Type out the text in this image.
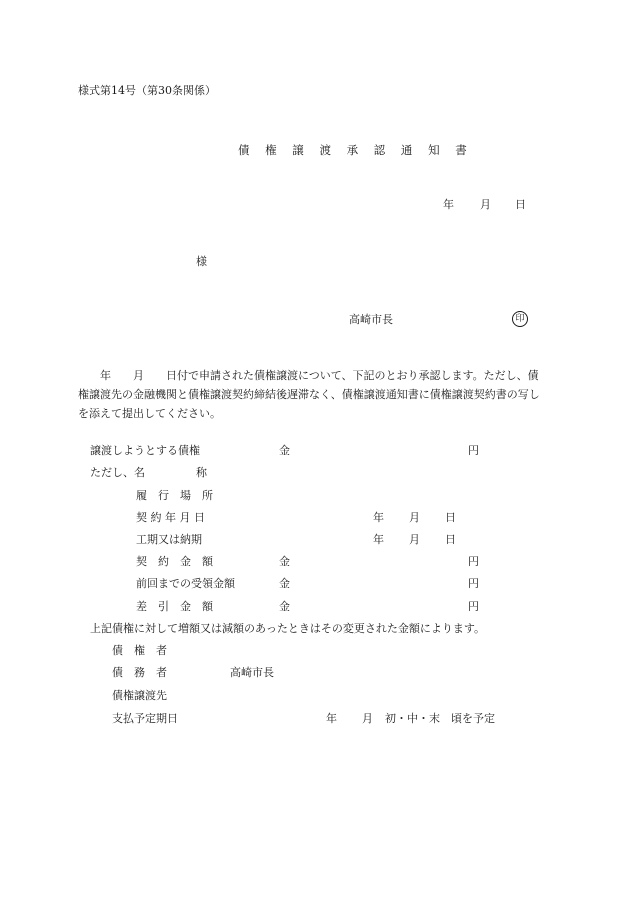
様式第14号（第30条関係）
債 権 譲 渡 承 認 通 知 書
年 月 日
様
高崎市長	印
　　年　　月　　日付で申請された債権譲渡について、下記のとおり承認します。ただし、債権譲渡先の金融機関と債権譲渡契約締結後遅滞なく、債権譲渡通知書に債権譲渡契約書の写しを添えて提出してください。
譲渡しようとする債権	金	円
ただし、名	称
履　行　場　所
契 約 年 月 日	年 月 日
工期又は納期	年 月 日
契　約　金　額	金	円
前回までの受領金額	金	円
差　引　金　額	金	円
上記債権に対して増額又は減額のあったときはその変更された金額によります。
債　権　者
債　務　者	高崎市長
債権譲渡先
支払予定期日	年 月 初・中・末　頃を予定
